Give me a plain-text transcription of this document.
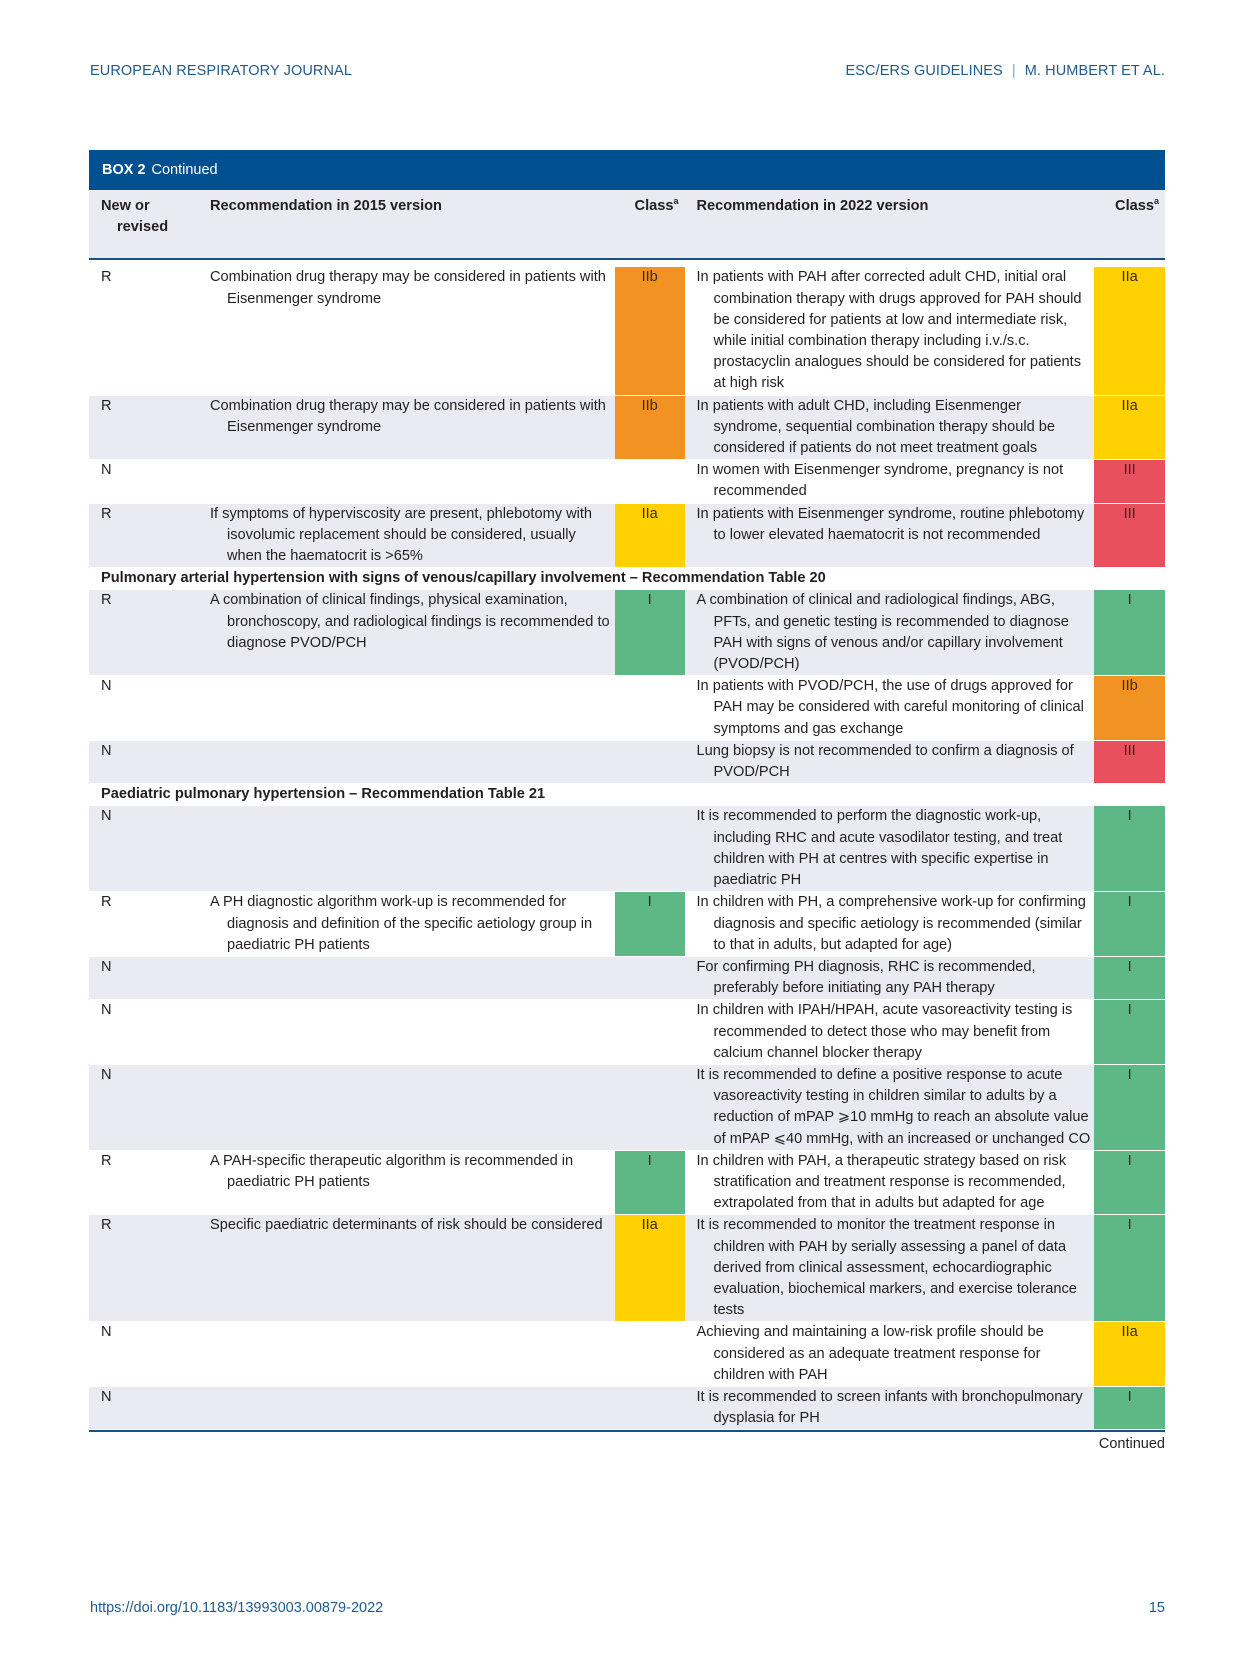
EUROPEAN RESPIRATORY JOURNAL	ESC/ERS GUIDELINES | M. HUMBERT ET AL.
BOX 2 Continued
New or
revised	Recommendation in 2015 version	Class$^a$	Recommendation in 2022 version	Class$^a$

R	Combination drug therapy may be considered in patients with Eisenmenger syndrome	IIb	In patients with PAH after corrected adult CHD, initial oral combination therapy with drugs approved for PAH should be considered for patients at low and intermediate risk, while initial combination therapy including i.v./s.c. prostacyclin analogues should be considered for patients at high risk	IIa
R	Combination drug therapy may be considered in patients with Eisenmenger syndrome	IIb	In patients with adult CHD, including Eisenmenger syndrome, sequential combination therapy should be considered if patients do not meet treatment goals	IIa
N			In women with Eisenmenger syndrome, pregnancy is not recommended	III
R	If symptoms of hyperviscosity are present, phlebotomy with isovolumic replacement should be considered, usually when the haematocrit is >65%	IIa	In patients with Eisenmenger syndrome, routine phlebotomy to lower elevated haematocrit is not recommended	III
Pulmonary arterial hypertension with signs of venous/capillary involvement – Recommendation Table 20				
R	A combination of clinical findings, physical examination, bronchoscopy, and radiological findings is recommended to diagnose PVOD/PCH	I	A combination of clinical and radiological findings, ABG, PFTs, and genetic testing is recommended to diagnose PAH with signs of venous and/or capillary involvement (PVOD/PCH)	I
N			In patients with PVOD/PCH, the use of drugs approved for PAH may be considered with careful monitoring of clinical symptoms and gas exchange	IIb
N			Lung biopsy is not recommended to confirm a diagnosis of PVOD/PCH	III
Paediatric pulmonary hypertension – Recommendation Table 21				
N			It is recommended to perform the diagnostic work-up, including RHC and acute vasodilator testing, and treat children with PH at centres with specific expertise in paediatric PH	I
R	A PH diagnostic algorithm work-up is recommended for diagnosis and definition of the specific aetiology group in paediatric PH patients	I	In children with PH, a comprehensive work-up for confirming diagnosis and specific aetiology is recommended (similar to that in adults, but adapted for age)	I
N			For confirming PH diagnosis, RHC is recommended, preferably before initiating any PAH therapy	I
N			In children with IPAH/HPAH, acute vasoreactivity testing is recommended to detect those who may benefit from calcium channel blocker therapy	I
N			It is recommended to define a positive response to acute vasoreactivity testing in children similar to adults by a reduction of mPAP ⩾10 mmHg to reach an absolute value of mPAP ⩽40 mmHg, with an increased or unchanged CO	I
R	A PAH-specific therapeutic algorithm is recommended in paediatric PH patients	I	In children with PAH, a therapeutic strategy based on risk stratification and treatment response is recommended, extrapolated from that in adults but adapted for age	I
R	Specific paediatric determinants of risk should be considered	IIa	It is recommended to monitor the treatment response in children with PAH by serially assessing a panel of data derived from clinical assessment, echocardiographic evaluation, biochemical markers, and exercise tolerance tests	I
N			Achieving and maintaining a low-risk profile should be considered as an adequate treatment response for children with PAH	IIa
N			It is recommended to screen infants with bronchopulmonary dysplasia for PH	I
Continued
https://doi.org/10.1183/13993003.00879-2022	15
